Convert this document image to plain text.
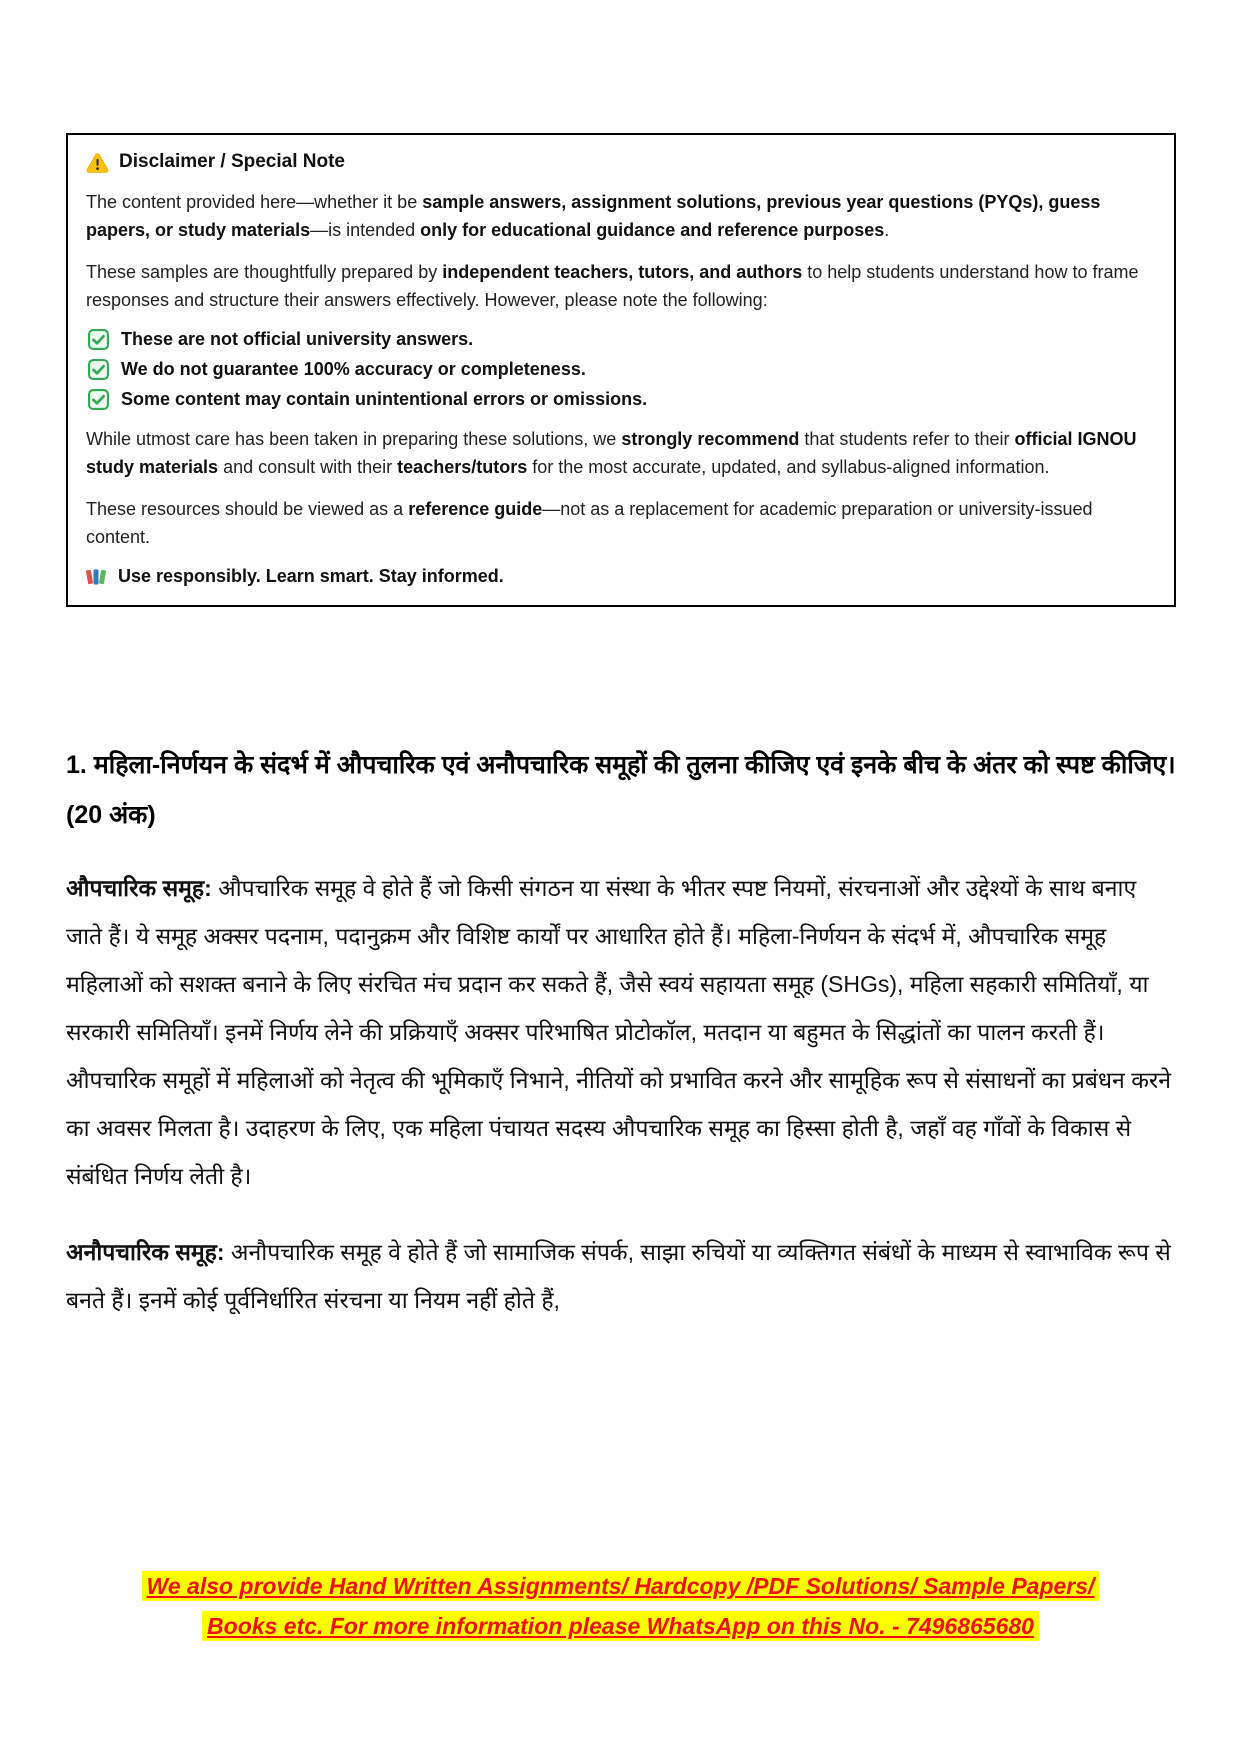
Disclaimer / Special Note

The content provided here—whether it be sample answers, assignment solutions, previous year questions (PYQs), guess papers, or study materials—is intended only for educational guidance and reference purposes.

These samples are thoughtfully prepared by independent teachers, tutors, and authors to help students understand how to frame responses and structure their answers effectively. However, please note the following:

These are not official university answers.
We do not guarantee 100% accuracy or completeness.
Some content may contain unintentional errors or omissions.

While utmost care has been taken in preparing these solutions, we strongly recommend that students refer to their official IGNOU study materials and consult with their teachers/tutors for the most accurate, updated, and syllabus-aligned information.

These resources should be viewed as a reference guide—not as a replacement for academic preparation or university-issued content.

Use responsibly. Learn smart. Stay informed.
1. महिला-निर्णयन के संदर्भ में औपचारिक एवं अनौपचारिक समूहों की तुलना कीजिए एवं इनके बीच के अंतर को स्पष्ट कीजिए। (20 अंक)

औपचारिक समूह: औपचारिक समूह वे होते हैं जो किसी संगठन या संस्था के भीतर स्पष्ट नियमों, संरचनाओं और उद्देश्यों के साथ बनाए जाते हैं। ये समूह अक्सर पदनाम, पदानुक्रम और विशिष्ट कार्यों पर आधारित होते हैं। महिला-निर्णयन के संदर्भ में, औपचारिक समूह महिलाओं को सशक्त बनाने के लिए संरचित मंच प्रदान कर सकते हैं, जैसे स्वयं सहायता समूह (SHGs), महिला सहकारी समितियाँ, या सरकारी समितियाँ। इनमें निर्णय लेने की प्रक्रियाएँ अक्सर परिभाषित प्रोटोकॉल, मतदान या बहुमत के सिद्धांतों का पालन करती हैं। औपचारिक समूहों में महिलाओं को नेतृत्व की भूमिकाएँ निभाने, नीतियों को प्रभावित करने और सामूहिक रूप से संसाधनों का प्रबंधन करने का अवसर मिलता है। उदाहरण के लिए, एक महिला पंचायत सदस्य औपचारिक समूह का हिस्सा होती है, जहाँ वह गाँवों के विकास से संबंधित निर्णय लेती है।

अनौपचारिक समूह: अनौपचारिक समूह वे होते हैं जो सामाजिक संपर्क, साझा रुचियों या व्यक्तिगत संबंधों के माध्यम से स्वाभाविक रूप से बनते हैं। इनमें कोई पूर्वनिर्धारित संरचना या नियम नहीं होते हैं,

We also provide Hand Written Assignments/ Hardcopy /PDF Solutions/ Sample Papers/
Books etc. For more information please WhatsApp on this No. - 7496865680
